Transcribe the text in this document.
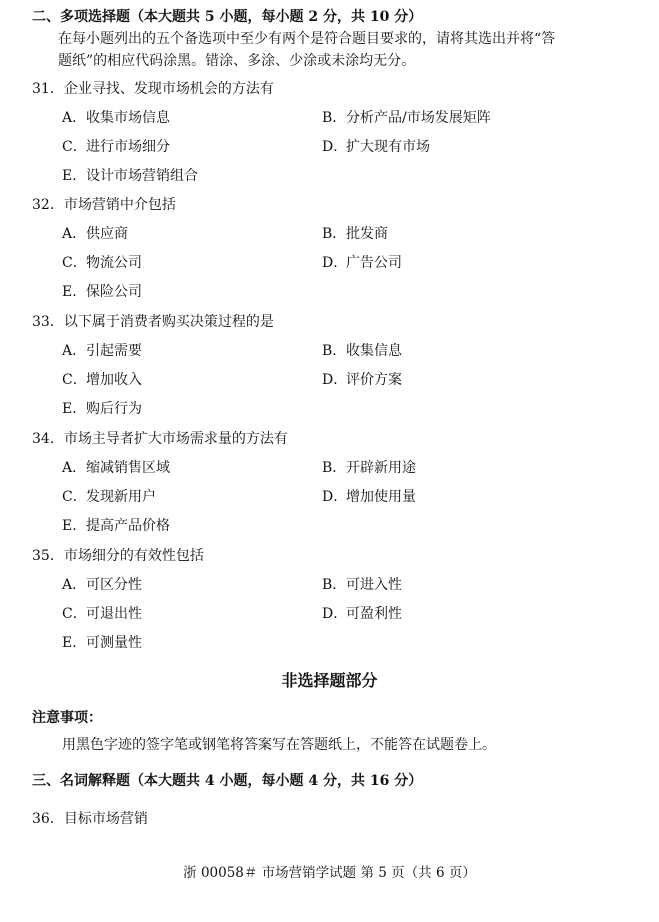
二、多项选择题（本大题共 5 小题，每小题 2 分，共 10 分）
在每小题列出的五个备选项中至少有两个是符合题目要求的，请将其选出并将“答
题纸”的相应代码涂黑。错涂、多涂、少涂或未涂均无分。
31．企业寻找、发现市场机会的方法有
A．收集市场信息	B．分析产品/市场发展矩阵
C．进行市场细分	D．扩大现有市场
E．设计市场营销组合
32．市场营销中介包括
A．供应商	B．批发商
C．物流公司	D．广告公司
E．保险公司
33．以下属于消费者购买决策过程的是
A．引起需要	B．收集信息
C．增加收入	D．评价方案
E．购后行为
34．市场主导者扩大市场需求量的方法有
A．缩减销售区域	B．开辟新用途
C．发现新用户	D．增加使用量
E．提高产品价格
35．市场细分的有效性包括
A．可区分性	B．可进入性
C．可退出性	D．可盈利性
E．可测量性
非选择题部分
注意事项：
用黑色字迹的签字笔或钢笔将答案写在答题纸上，不能答在试题卷上。
三、名词解释题（本大题共 4 小题，每小题 4 分，共 16 分）
36．目标市场营销
浙 00058＃ 市场营销学试题 第 5 页（共 6 页）
